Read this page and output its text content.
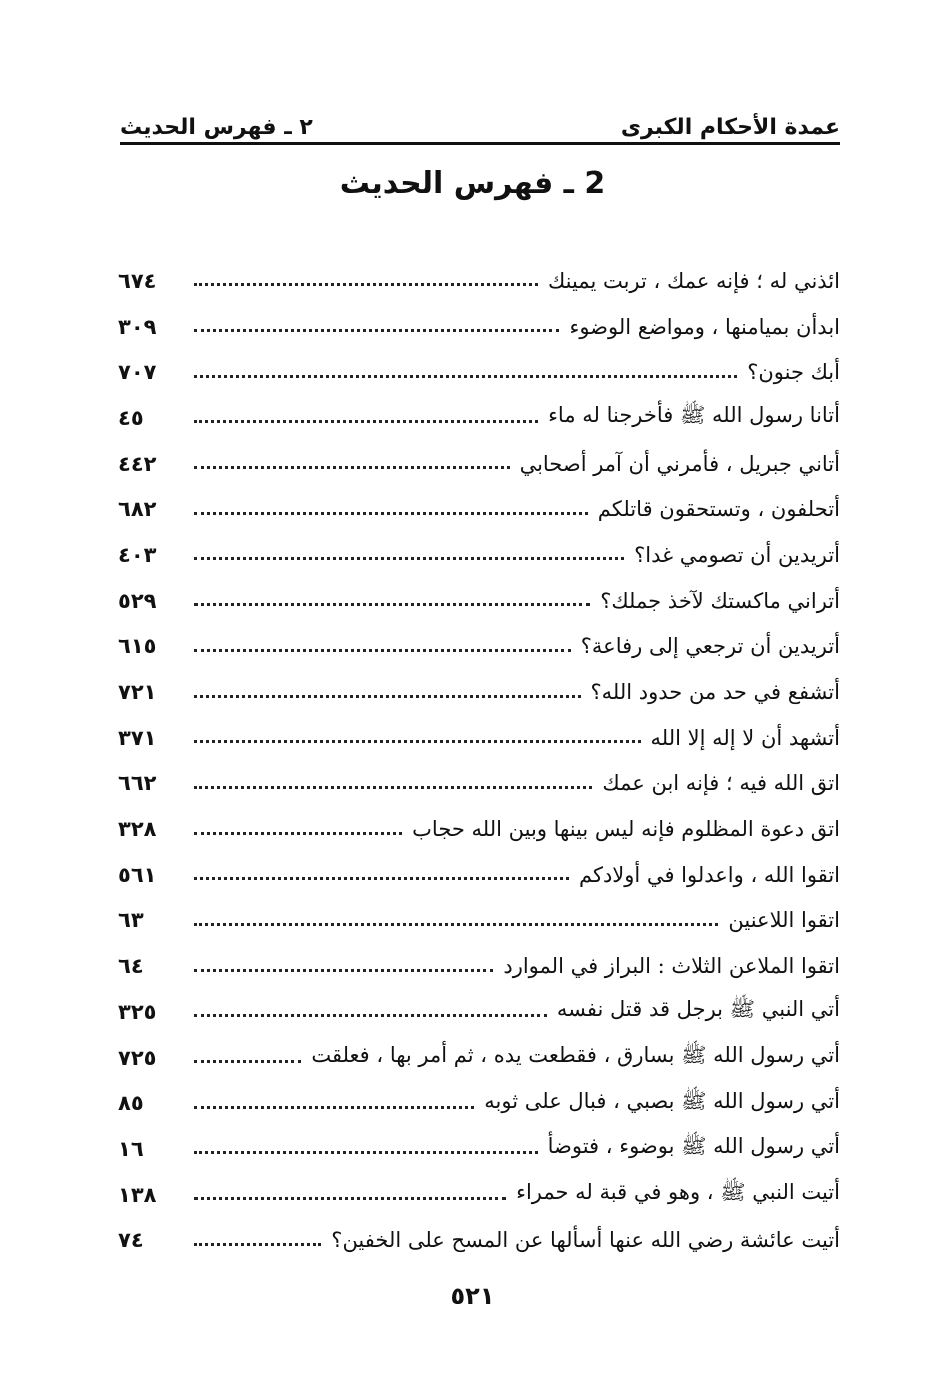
عمدة الأحكام الكبرى
٢ ـ فهرس الحديث
2 ـ فهرس الحديث
ائذني له ؛ فإنه عمك ، تربت يمينك
٦٧٤
ابدأن بميامنها ، ومواضع الوضوء
٣٠٩
أبك جنون؟
٧٠٧
أتانا رسول الله ﷺ فأخرجنا له ماء
٤٥
أتاني جبريل ، فأمرني أن آمر أصحابي
٤٤٢
أتحلفون ، وتستحقون قاتلكم
٦٨٢
أتريدين أن تصومي غدا؟
٤٠٣
أتراني ماكستك لآخذ جملك؟
٥٢٩
أتريدين أن ترجعي إلى رفاعة؟
٦١٥
أتشفع في حد من حدود الله؟
٧٢١
أتشهد أن لا إله إلا الله
٣٧١
اتق الله فيه ؛ فإنه ابن عمك
٦٦٢
اتق دعوة المظلوم فإنه ليس بينها وبين الله حجاب
٣٢٨
اتقوا الله ، واعدلوا في أولادكم
٥٦١
اتقوا اللاعنين
٦٣
اتقوا الملاعن الثلاث : البراز في الموارد
٦٤
أتي النبي ﷺ برجل قد قتل نفسه
٣٢٥
أتي رسول الله ﷺ بسارق ، فقطعت يده ، ثم أمر بها ، فعلقت
٧٢٥
أتي رسول الله ﷺ بصبي ، فبال على ثوبه
٨٥
أتي رسول الله ﷺ بوضوء ، فتوضأ
١٦
أتيت النبي ﷺ ، وهو في قبة له حمراء
١٣٨
أتيت عائشة رضي الله عنها أسألها عن المسح على الخفين؟
٧٤
٥٢١
